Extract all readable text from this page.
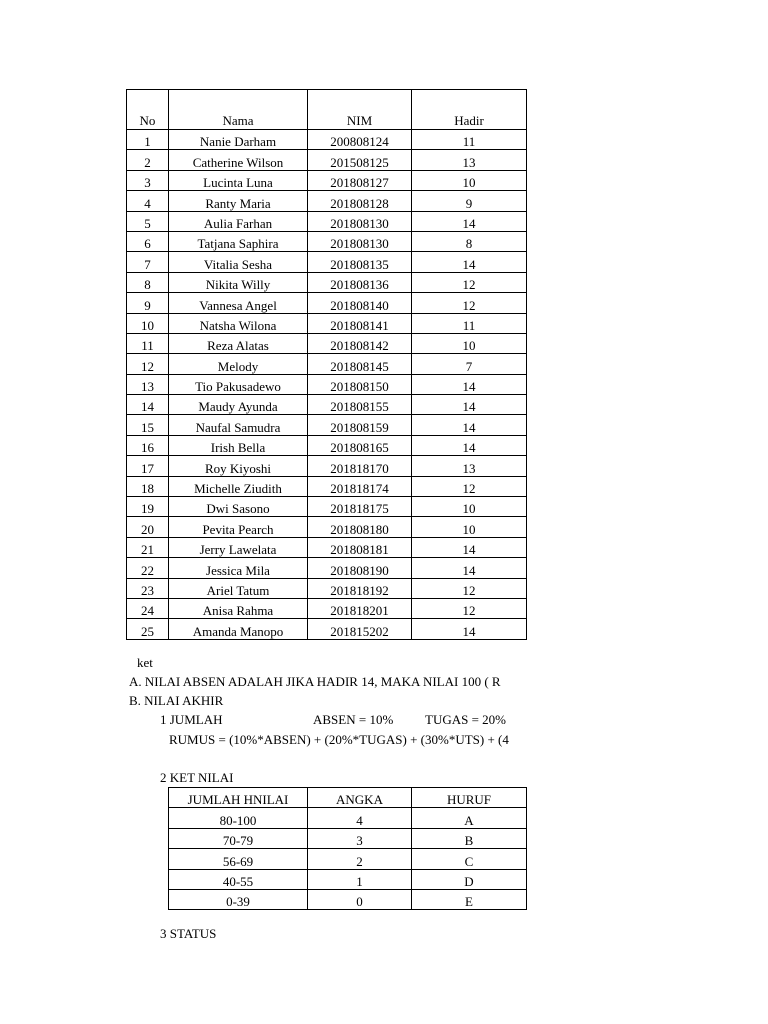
No	Nama	NIM	Hadir
1	Nanie Darham	200808124	11
2	Catherine Wilson	201508125	13
3	Lucinta Luna	201808127	10
4	Ranty Maria	201808128	9
5	Aulia Farhan	201808130	14
6	Tatjana Saphira	201808130	8
7	Vitalia Sesha	201808135	14
8	Nikita Willy	201808136	12
9	Vannesa Angel	201808140	12
10	Natsha Wilona	201808141	11
11	Reza Alatas	201808142	10
12	Melody	201808145	7
13	Tio Pakusadewo	201808150	14
14	Maudy Ayunda	201808155	14
15	Naufal Samudra	201808159	14
16	Irish Bella	201808165	14
17	Roy Kiyoshi	201818170	13
18	Michelle Ziudith	201818174	12
19	Dwi Sasono	201818175	10
20	Pevita Pearch	201808180	10
21	Jerry Lawelata	201808181	14
22	Jessica Mila	201808190	14
23	Ariel Tatum	201818192	12
24	Anisa Rahma	201818201	12
25	Amanda Manopo	201815202	14
ket
A. NILAI ABSEN ADALAH JIKA HADIR 14, MAKA NILAI 100 ( R
B. NILAI AKHIR
1 JUMLAH	ABSEN = 10% TUGAS = 20%
RUMUS = (10%*ABSEN) + (20%*TUGAS) + (30%*UTS) + (4
2 KET NILAI
JUMLAH HNILAI	ANGKA	HURUF
80-100	4	A
70-79	3	B
56-69	2	C
40-55	1	D
0-39	0	E
3 STATUS
